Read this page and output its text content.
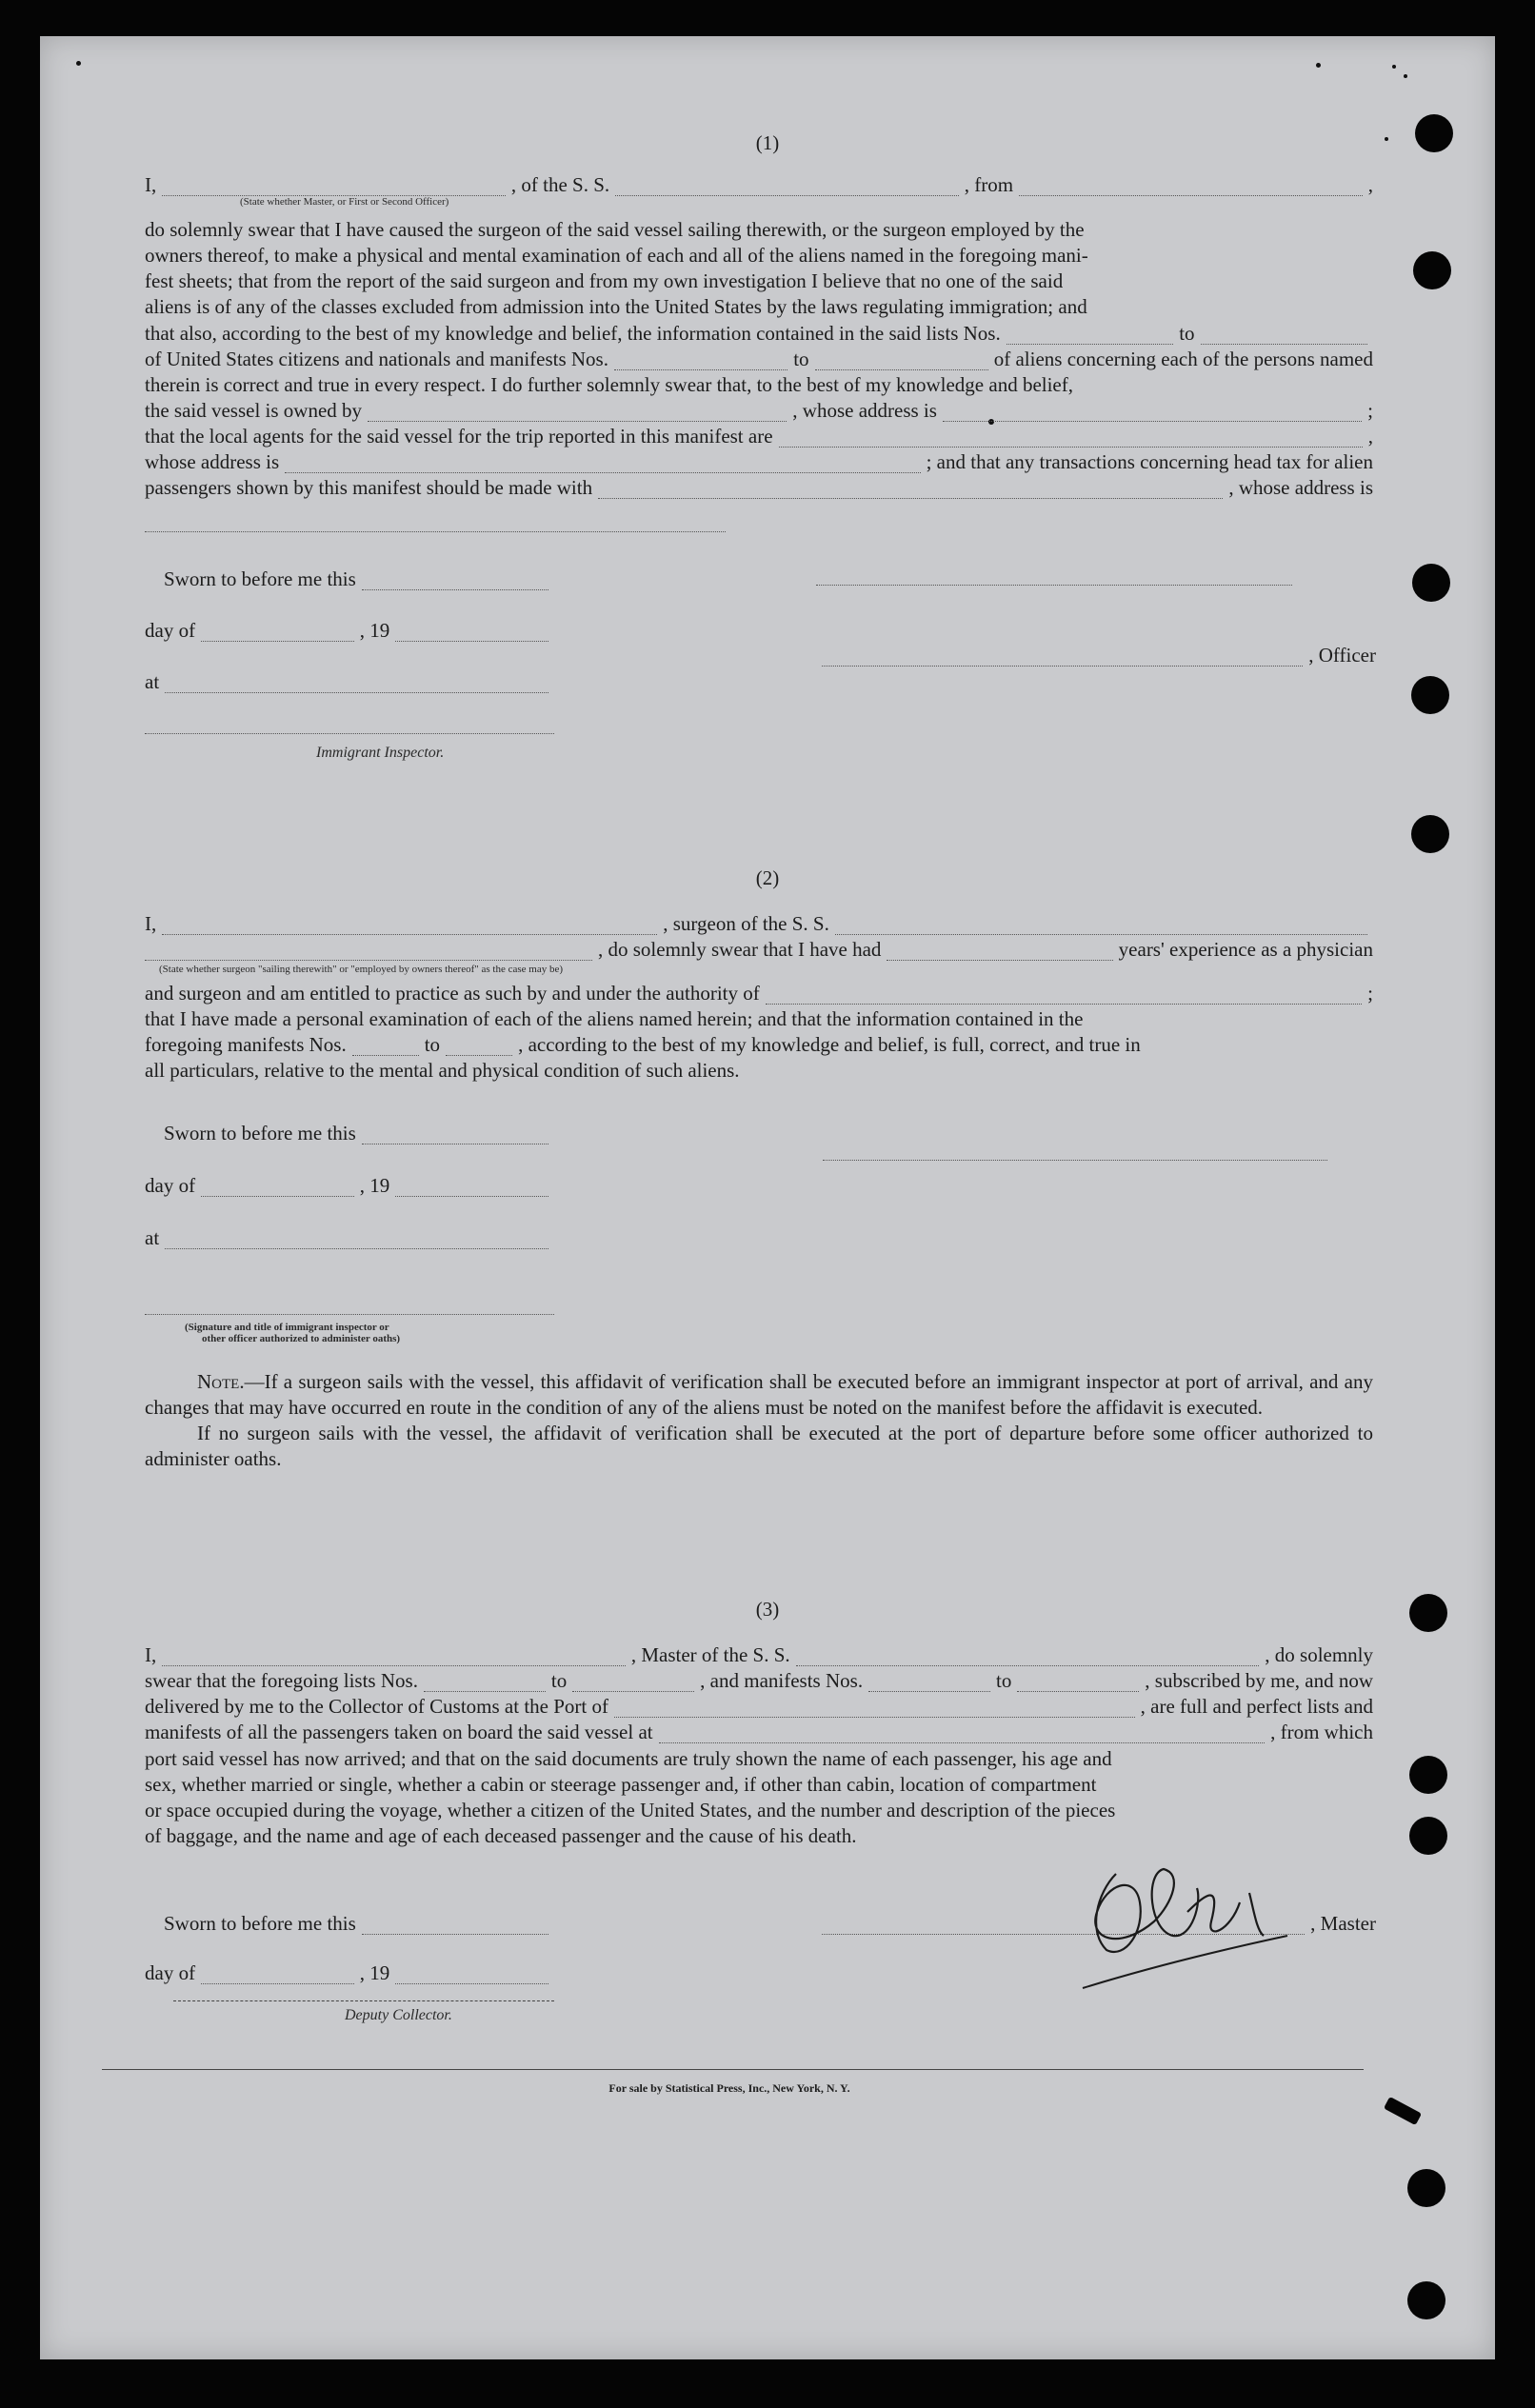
(1)
I,	, of the S. S.	, from	,
(State whether Master, or First or Second Officer)

do solemnly swear that I have caused the surgeon of the said vessel sailing therewith, or the surgeon employed by the

owners thereof, to make a physical and mental examination of each and all of the aliens named in the foregoing mani-

fest sheets; that from the report of the said surgeon and from my own investigation I believe that no one of the said

aliens is of any of the classes excluded from admission into the United States by the laws regulating immigration; and

that also, according to the best of my knowledge and belief, the information contained in the said lists Nos.	to
of United States citizens and nationals and manifests Nos.	to	of aliens concerning each of the persons named
therein is correct and true in every respect. I do further solemnly swear that, to the best of my knowledge and belief,
the said vessel is owned by	, whose address is	;
that the local agents for the said vessel for the trip reported in this manifest are	,
whose address is	; and that any transactions concerning head tax for alien
passengers shown by this manifest should be made with	, whose address is
Sworn to before me this
day of	, 19
, Officer
at
Immigrant Inspector.
(2)
I,	, surgeon of the S. S.
, do solemnly swear that I have had	years' experience as a physician
(State whether surgeon "sailing therewith" or "employed by owners thereof" as the case may be)
and surgeon and am entitled to practice as such by and under the authority of	;
that I have made a personal examination of each of the aliens named herein; and that the information contained in the
foregoing manifests Nos.	to	, according to the best of my knowledge and belief, is full, correct, and true in
all particulars, relative to the mental and physical condition of such aliens.
Sworn to before me this
day of	, 19
at
(Signature and title of immigrant inspector or
other officer authorized to administer oaths)

Note.—If a surgeon sails with the vessel, this affidavit of verification shall be executed before an immigrant inspector at port of arrival, and any changes that may have occurred en route in the condition of any of the aliens must be noted on the manifest before the affidavit is executed.

If no surgeon sails with the vessel, the affidavit of verification shall be executed at the port of departure before some officer authorized to administer oaths.

(3)
I,	, Master of the S. S.	, do solemnly
swear that the foregoing lists Nos.	to	, and manifests Nos.	to	, subscribed by me, and now
delivered by me to the Collector of Customs at the Port of	, are full and perfect lists and
manifests of all the passengers taken on board the said vessel at	, from which

port said vessel has now arrived; and that on the said documents are truly shown the name of each passenger, his age and

sex, whether married or single, whether a cabin or steerage passenger and, if other than cabin, location of compartment

or space occupied during the voyage, whether a citizen of the United States, and the number and description of the pieces

of baggage, and the name and age of each deceased passenger and the cause of his death.

Sworn to before me this	, Master
day of	, 19
Deputy Collector.
For sale by Statistical Press, Inc., New York, N. Y.
